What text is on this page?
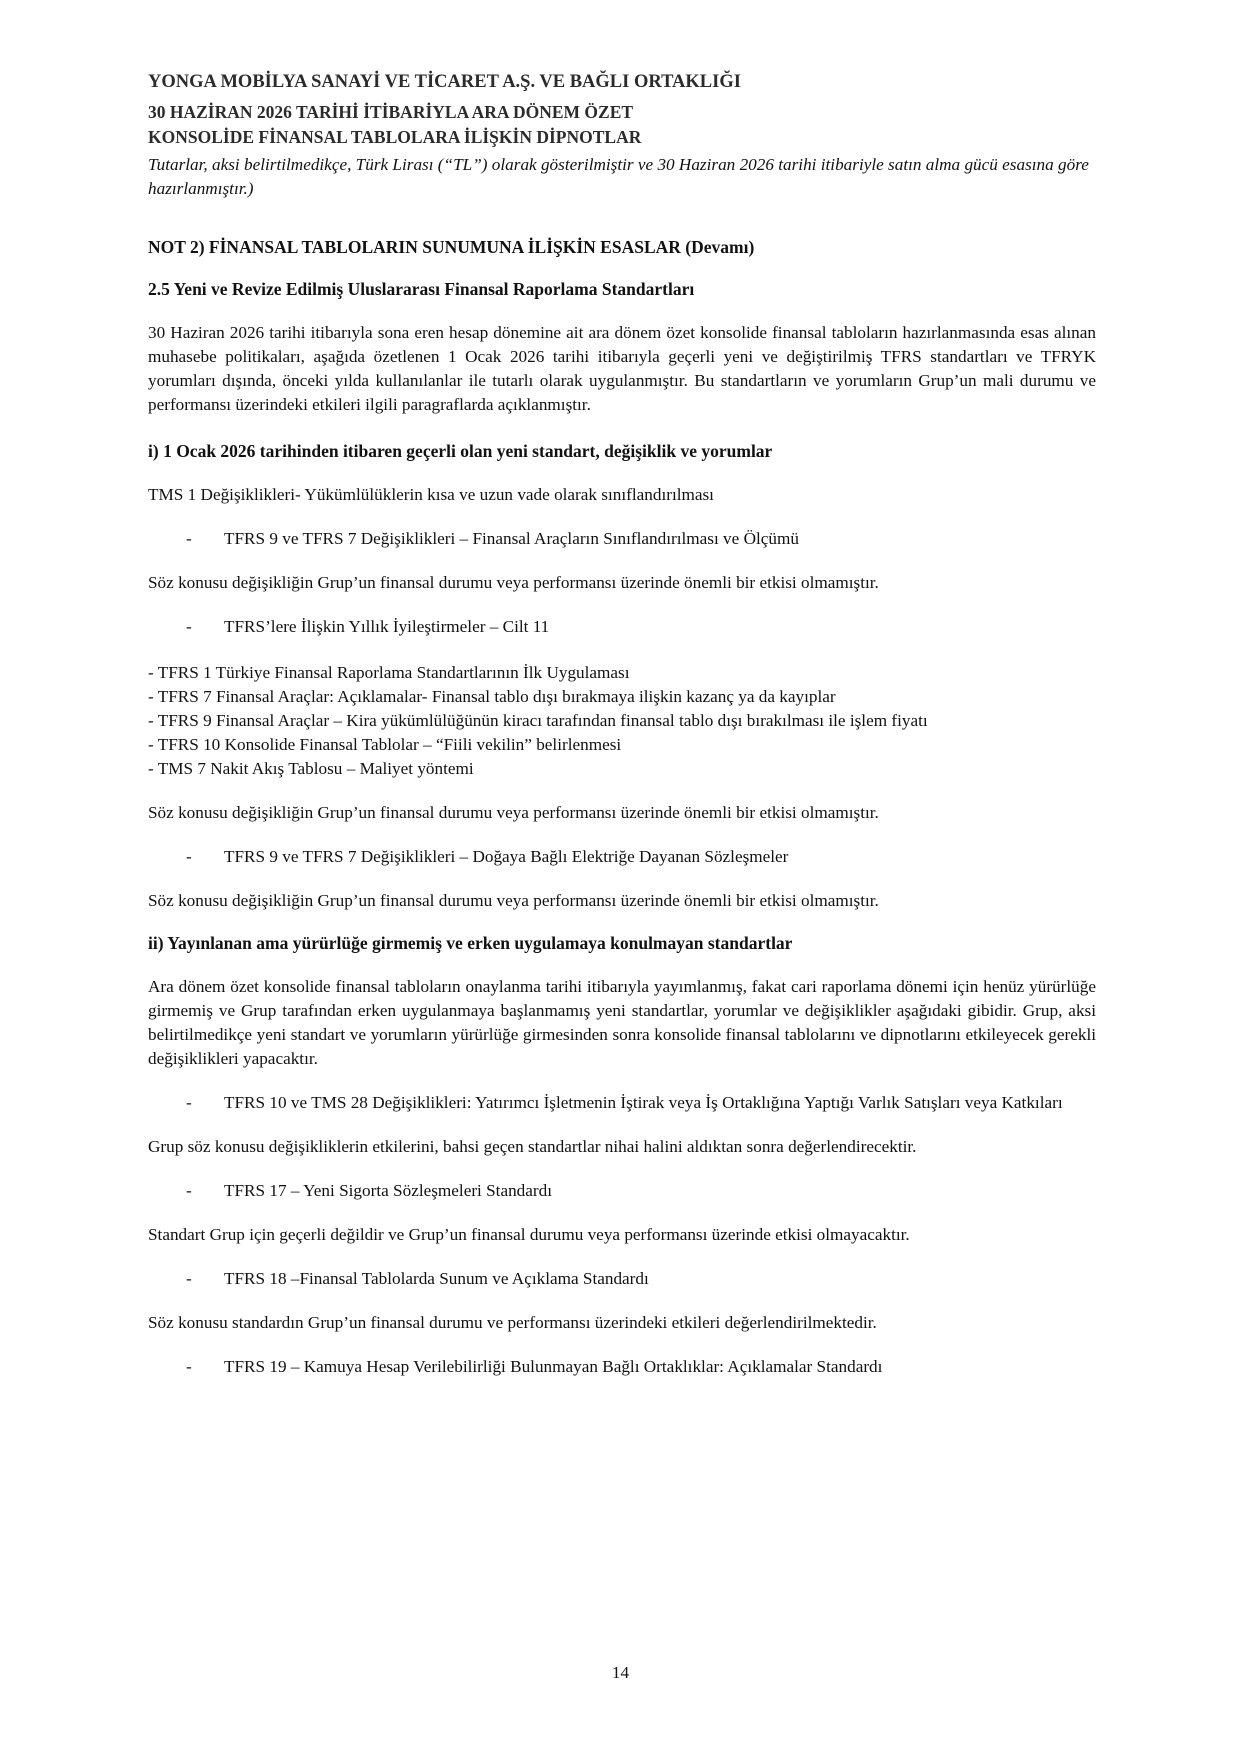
YONGA MOBİLYA SANAYİ VE TİCARET A.Ş. VE BAĞLI ORTAKLIĞI

30 HAZİRAN 2026 TARİHİ İTİBARİYLA ARA DÖNEM ÖZET

KONSOLİDE FİNANSAL TABLOLARA İLİŞKİN DİPNOTLAR

Tutarlar, aksi belirtilmedikçe, Türk Lirası (“TL”) olarak gösterilmiştir ve 30 Haziran 2026 tarihi itibariyle satın alma gücü esasına göre hazırlanmıştır.)

NOT 2) FİNANSAL TABLOLARIN SUNUMUNA İLİŞKİN ESASLAR (Devamı)

2.5 Yeni ve Revize Edilmiş Uluslararası Finansal Raporlama Standartları

30 Haziran 2026 tarihi itibarıyla sona eren hesap dönemine ait ara dönem özet konsolide finansal tabloların hazırlanmasında esas alınan muhasebe politikaları, aşağıda özetlenen 1 Ocak 2026 tarihi itibarıyla geçerli yeni ve değiştirilmiş TFRS standartları ve TFRYK yorumları dışında, önceki yılda kullanılanlar ile tutarlı olarak uygulanmıştır. Bu standartların ve yorumların Grup’un mali durumu ve performansı üzerindeki etkileri ilgili paragraflarda açıklanmıştır.

i) 1 Ocak 2026 tarihinden itibaren geçerli olan yeni standart, değişiklik ve yorumlar

TMS 1 Değişiklikleri- Yükümlülüklerin kısa ve uzun vade olarak sınıflandırılması

- TFRS 9 ve TFRS 7 Değişiklikleri – Finansal Araçların Sınıflandırılması ve Ölçümü

Söz konusu değişikliğin Grup’un finansal durumu veya performansı üzerinde önemli bir etkisi olmamıştır.

- TFRS’lere İlişkin Yıllık İyileştirmeler – Cilt 11
- TFRS 1 Türkiye Finansal Raporlama Standartlarının İlk Uygulaması
- TFRS 7 Finansal Araçlar: Açıklamalar- Finansal tablo dışı bırakmaya ilişkin kazanç ya da kayıplar
- TFRS 9 Finansal Araçlar – Kira yükümlülüğünün kiracı tarafından finansal tablo dışı bırakılması ile işlem fiyatı
- TFRS 10 Konsolide Finansal Tablolar – “Fiili vekilin” belirlenmesi
- TMS 7 Nakit Akış Tablosu – Maliyet yöntemi

Söz konusu değişikliğin Grup’un finansal durumu veya performansı üzerinde önemli bir etkisi olmamıştır.

- TFRS 9 ve TFRS 7 Değişiklikleri – Doğaya Bağlı Elektriğe Dayanan Sözleşmeler

Söz konusu değişikliğin Grup’un finansal durumu veya performansı üzerinde önemli bir etkisi olmamıştır.

ii) Yayınlanan ama yürürlüğe girmemiş ve erken uygulamaya konulmayan standartlar

Ara dönem özet konsolide finansal tabloların onaylanma tarihi itibarıyla yayımlanmış, fakat cari raporlama dönemi için henüz yürürlüğe girmemiş ve Grup tarafından erken uygulanmaya başlanmamış yeni standartlar, yorumlar ve değişiklikler aşağıdaki gibidir. Grup, aksi belirtilmedikçe yeni standart ve yorumların yürürlüğe girmesinden sonra konsolide finansal tablolarını ve dipnotlarını etkileyecek gerekli değişiklikleri yapacaktır.

- TFRS 10 ve TMS 28 Değişiklikleri: Yatırımcı İşletmenin İştirak veya İş Ortaklığına Yaptığı Varlık Satışları veya Katkıları

Grup söz konusu değişikliklerin etkilerini, bahsi geçen standartlar nihai halini aldıktan sonra değerlendirecektir.

- TFRS 17 – Yeni Sigorta Sözleşmeleri Standardı

Standart Grup için geçerli değildir ve Grup’un finansal durumu veya performansı üzerinde etkisi olmayacaktır.

- TFRS 18 –Finansal Tablolarda Sunum ve Açıklama Standardı

Söz konusu standardın Grup’un finansal durumu ve performansı üzerindeki etkileri değerlendirilmektedir.

- TFRS 19 – Kamuya Hesap Verilebilirliği Bulunmayan Bağlı Ortaklıklar: Açıklamalar Standardı
14
